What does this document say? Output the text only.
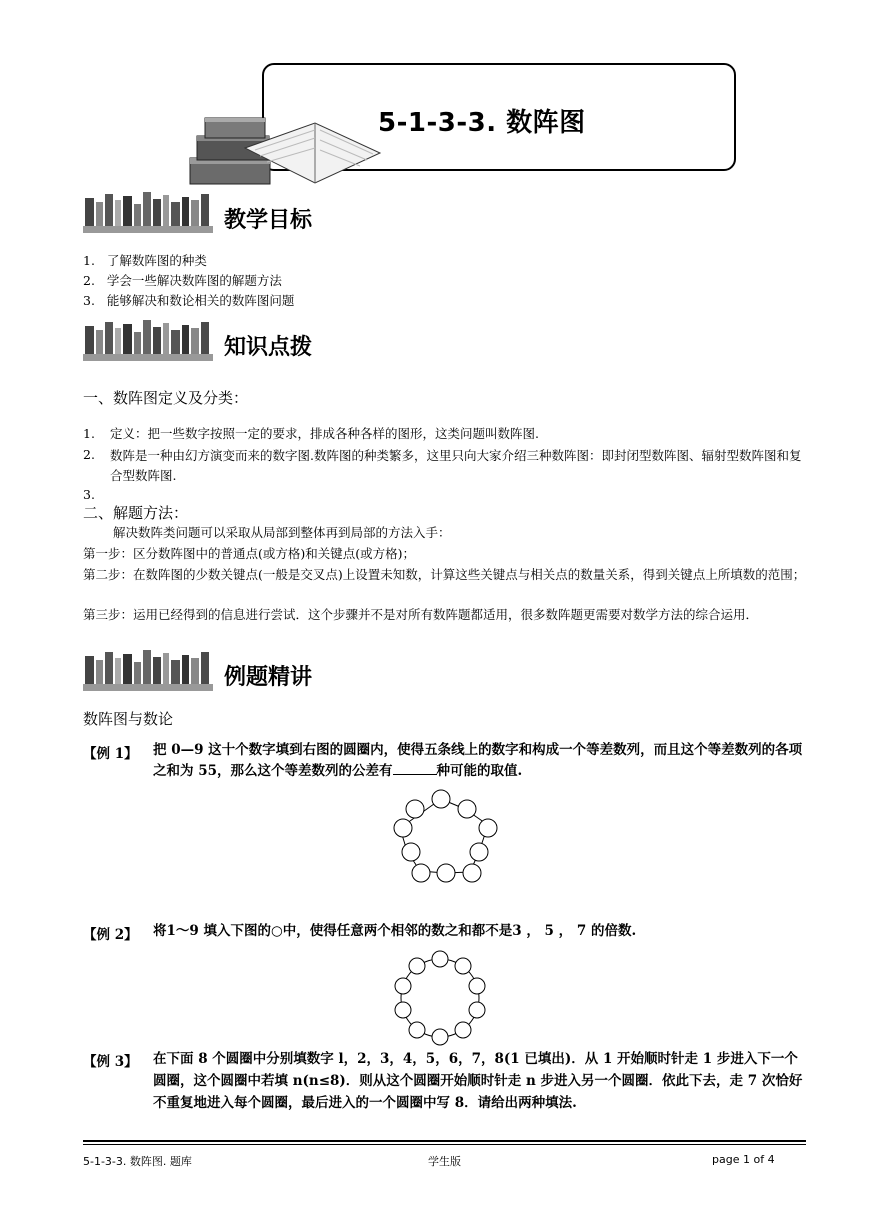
5-1-3-3. 数阵图
教学目标
1.   了解数阵图的种类
2.   学会一些解决数阵图的解题方法
3.   能够解决和数论相关的数阵图问题
知识点拨
一、数阵图定义及分类：
1. 定义：把一些数字按照一定的要求，排成各种各样的图形，这类问题叫数阵图.
2. 数阵是一种由幻方演变而来的数字图.数阵图的种类繁多，这里只向大家介绍三种数阵图：即封闭型数阵图、辐射型数阵图和复合型数阵图.
3.
二、解题方法：
解决数阵类问题可以采取从局部到整体再到局部的方法入手：
第一步：区分数阵图中的普通点(或方格)和关键点(或方格)；
第二步：在数阵图的少数关键点(一般是交叉点)上设置未知数，计算这些关键点与相关点的数量关系，得到关键点上所填数的范围；
第三步：运用已经得到的信息进行尝试．这个步骤并不是对所有数阵题都适用，很多数阵题更需要对数学方法的综合运用．
例题精讲
数阵图与数论
【例 1】 把 0—9 这十个数字填到右图的圆圈内，使得五条线上的数字和构成一个等差数列，而且这个等差数列的各项之和为 55，那么这个等差数列的公差有	种可能的取值.
【例 2】 将1～9 填入下图的○中，使得任意两个相邻的数之和都不是3 ， 5 ， 7 的倍数.
【例 3】 在下面 8 个圆圈中分别填数字 l，2，3，4，5，6，7，8(1 已填出)．从 1 开始顺时针走 1 步进入下一个圆圈，这个圆圈中若填 n(n≤8)．则从这个圆圈开始顺时针走 n 步进入另一个圆圈．依此下去，走 7 次恰好不重复地进入每个圆圈，最后进入的一个圆圈中写 8．请给出两种填法.
5-1-3-3. 数阵图. 题库	学生版	page 1 of 4
